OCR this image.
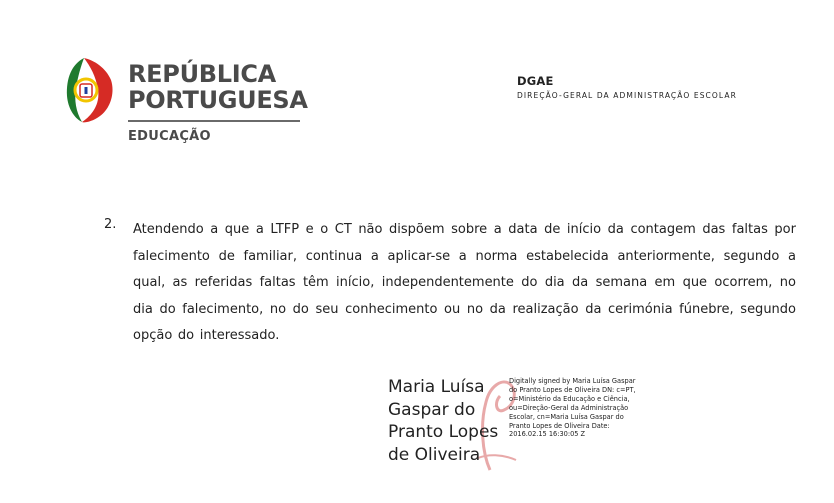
REPÚBLICA
PORTUGUESA
EDUCAÇÃO
DGAE
DIREÇÃO-GERAL DA ADMINISTRAÇÃO ESCOLAR
2. Atendendo a que a LTFP e o CT não dispõem sobre a data de início da contagem das faltas por falecimento de familiar, continua a aplicar-se a norma estabelecida anteriormente, segundo a qual, as referidas faltas têm início, independentemente do dia da semana em que ocorrem, no dia do falecimento, no do seu conhecimento ou no da realização da cerimónia fúnebre, segundo opção do interessado.
Maria Luísa Gaspar do Pranto Lopes de Oliveira
Digitally signed by Maria Luísa Gaspar do Pranto Lopes de Oliveira DN: c=PT, o=Ministério da Educação e Ciência, ou=Direção-Geral da Administração Escolar, cn=Maria Luísa Gaspar do Pranto Lopes de Oliveira Date: 2016.02.15 16:30:05 Z
